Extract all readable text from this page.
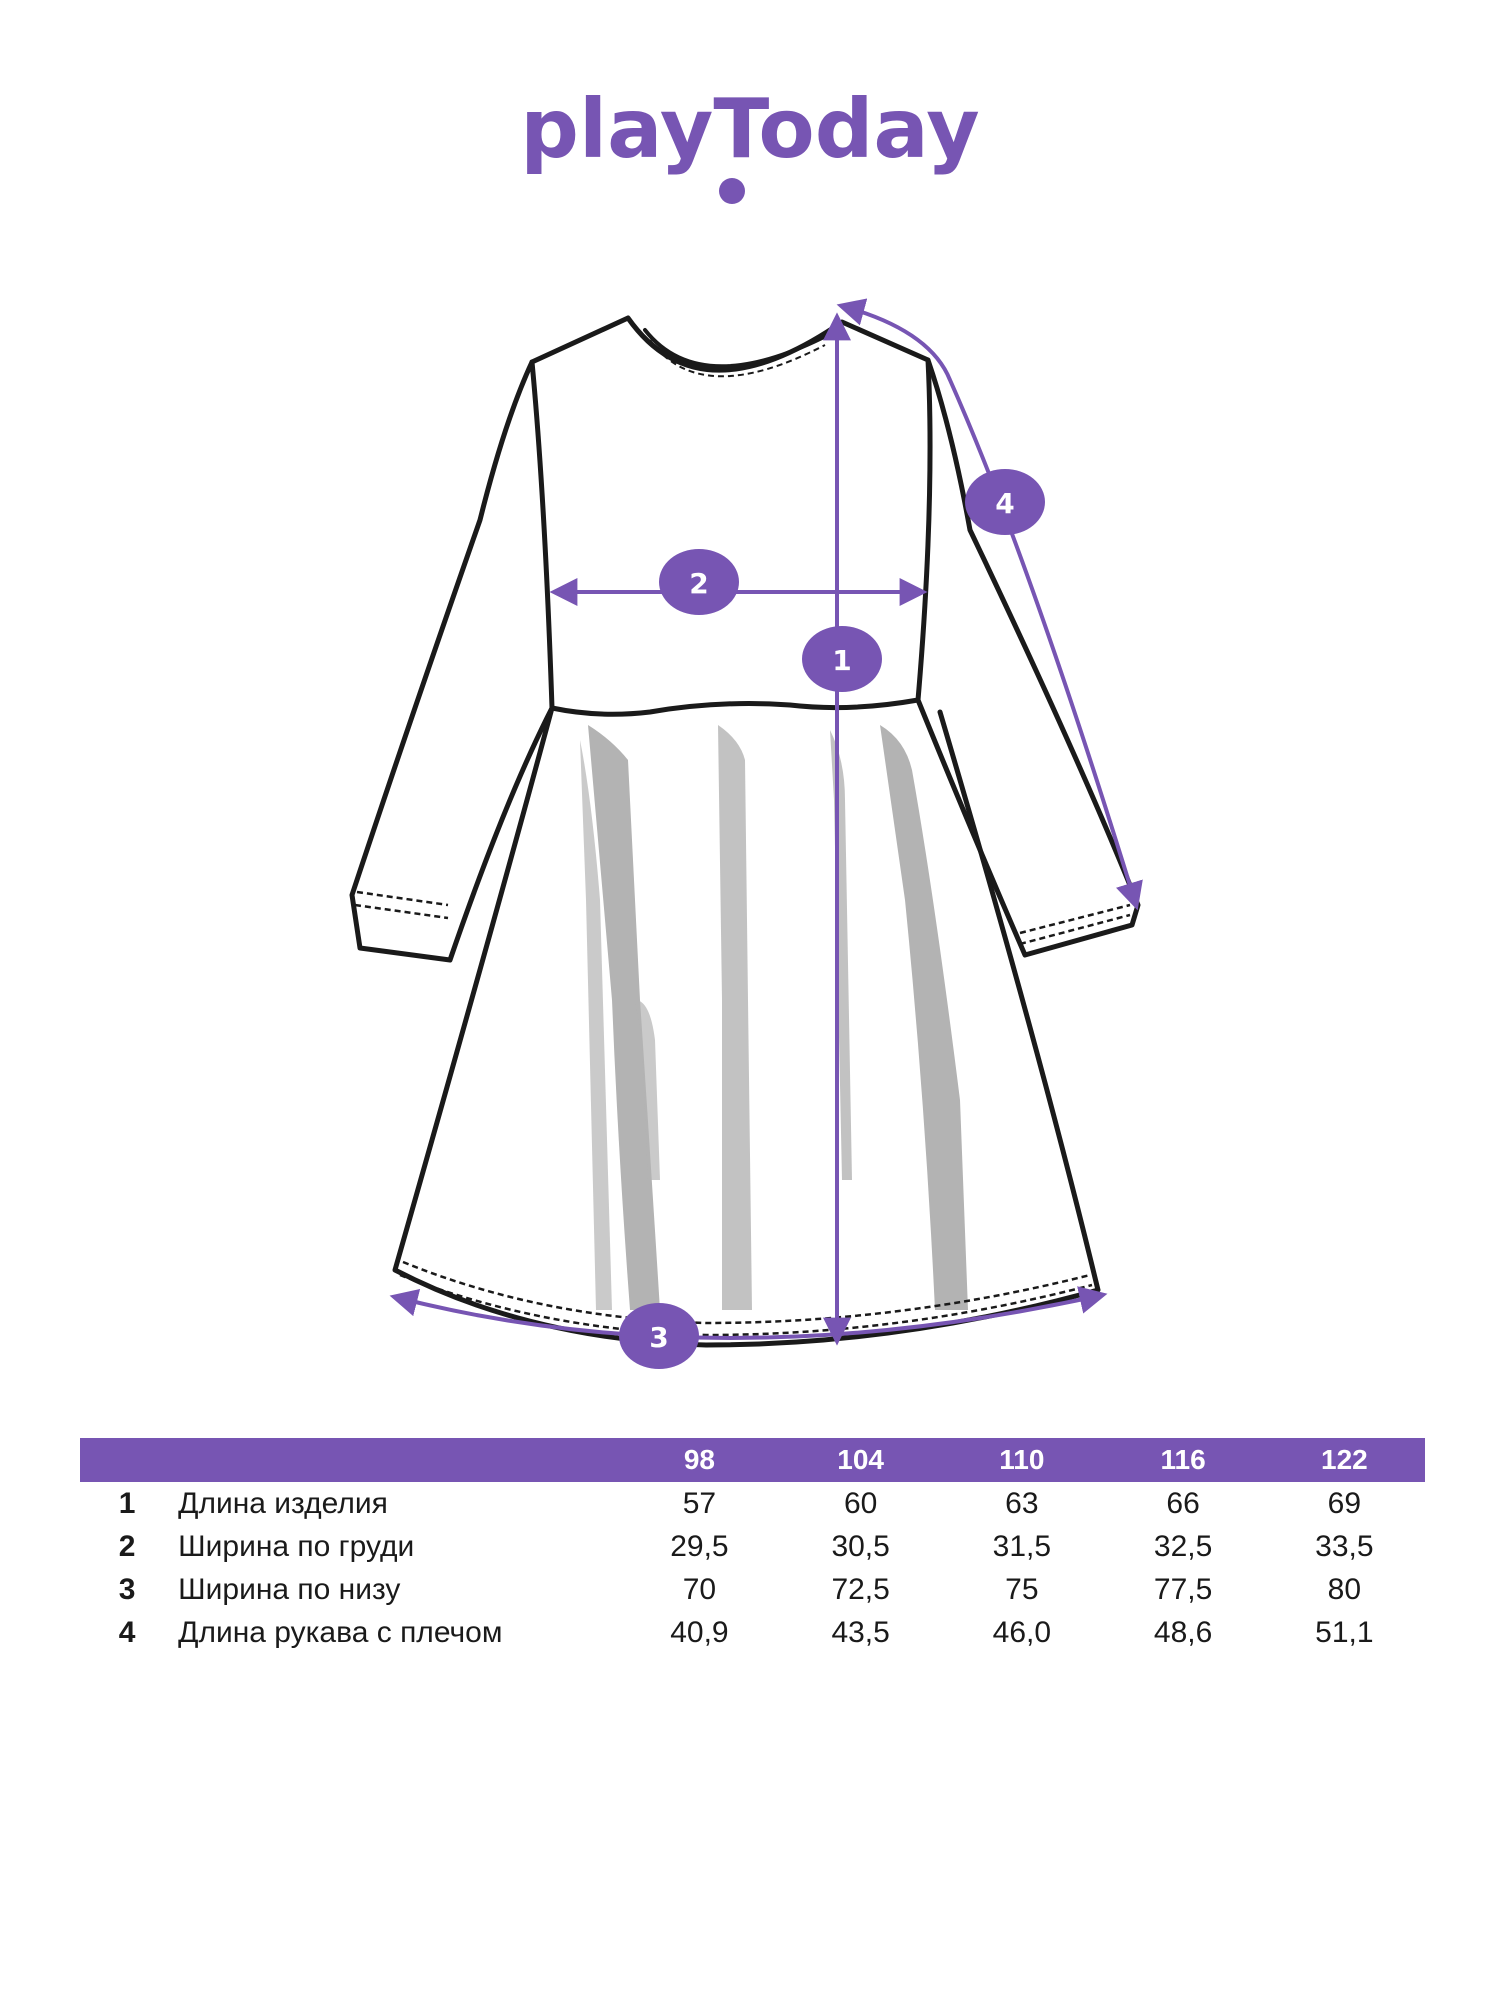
playToday
1
2
3
4
		98	104	110	116	122
1	Длина изделия	57	60	63	66	69
2	Ширина по груди	29,5	30,5	31,5	32,5	33,5
3	Ширина по низу	70	72,5	75	77,5	80
4	Длина рукава с плечом	40,9	43,5	46,0	48,6	51,1
